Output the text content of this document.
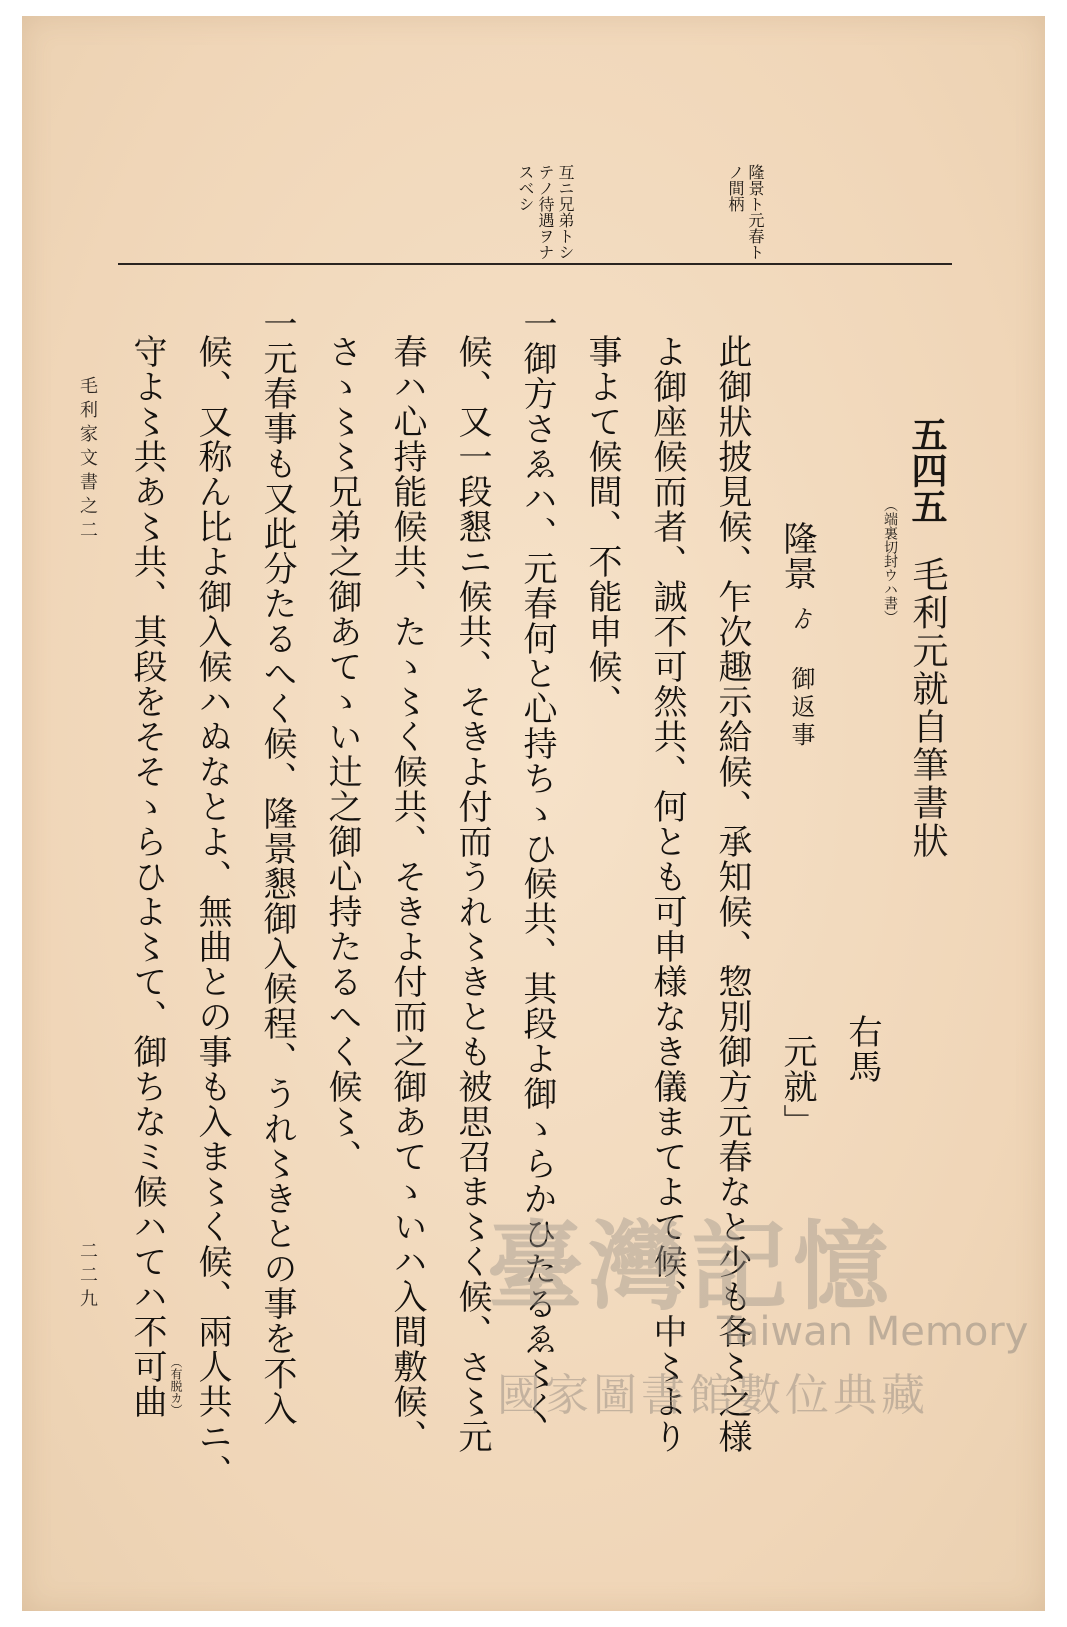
隆景ト元春トノ間柄
互ニ兄弟トシテノ待遇ヲナスベシ
五四五
（端裏切封ウハ書） 毛利元就自筆書狀
隆景
ゟ 御返事
右馬
元就」
此御狀披見候、乍次趣示給候、承知候、惣別御方元春なと少も各〻之様
よ御座候而者、誠不可然共、何とも可申様なき儀まてよて候、中〻より
事よて候間、不能申候、
一御方さゑハ、元春何と心持ちゝひ候共、其段よ御ゝらかひたるゑ〻く
候、又一段懇ニ候共、そきよ付而うれ〻きとも被思召ま〻く候、さ〻元
春ハ心持能候共、たゝ〻く候共、そきよ付而之御あてゝいハ入間敷候、
さゝ〻〻兄弟之御あてゝい辻之御心持たるへく候〻、
一元春事も又此分たるへく候、隆景懇御入候程、うれ〻きとの事を不入
候、又称ん比よ御入候ハぬなとよ、無曲との事も入ま〻く候、兩人共ニ、
守よ〻共あ〻共、其段をそそゝらひよ〻て、御ちなミ候ハてハ不可曲 （有脱カ）
毛利家文書之二
二二九	臺灣記憶
Taiwan Memory
國家圖書館數位典藏
